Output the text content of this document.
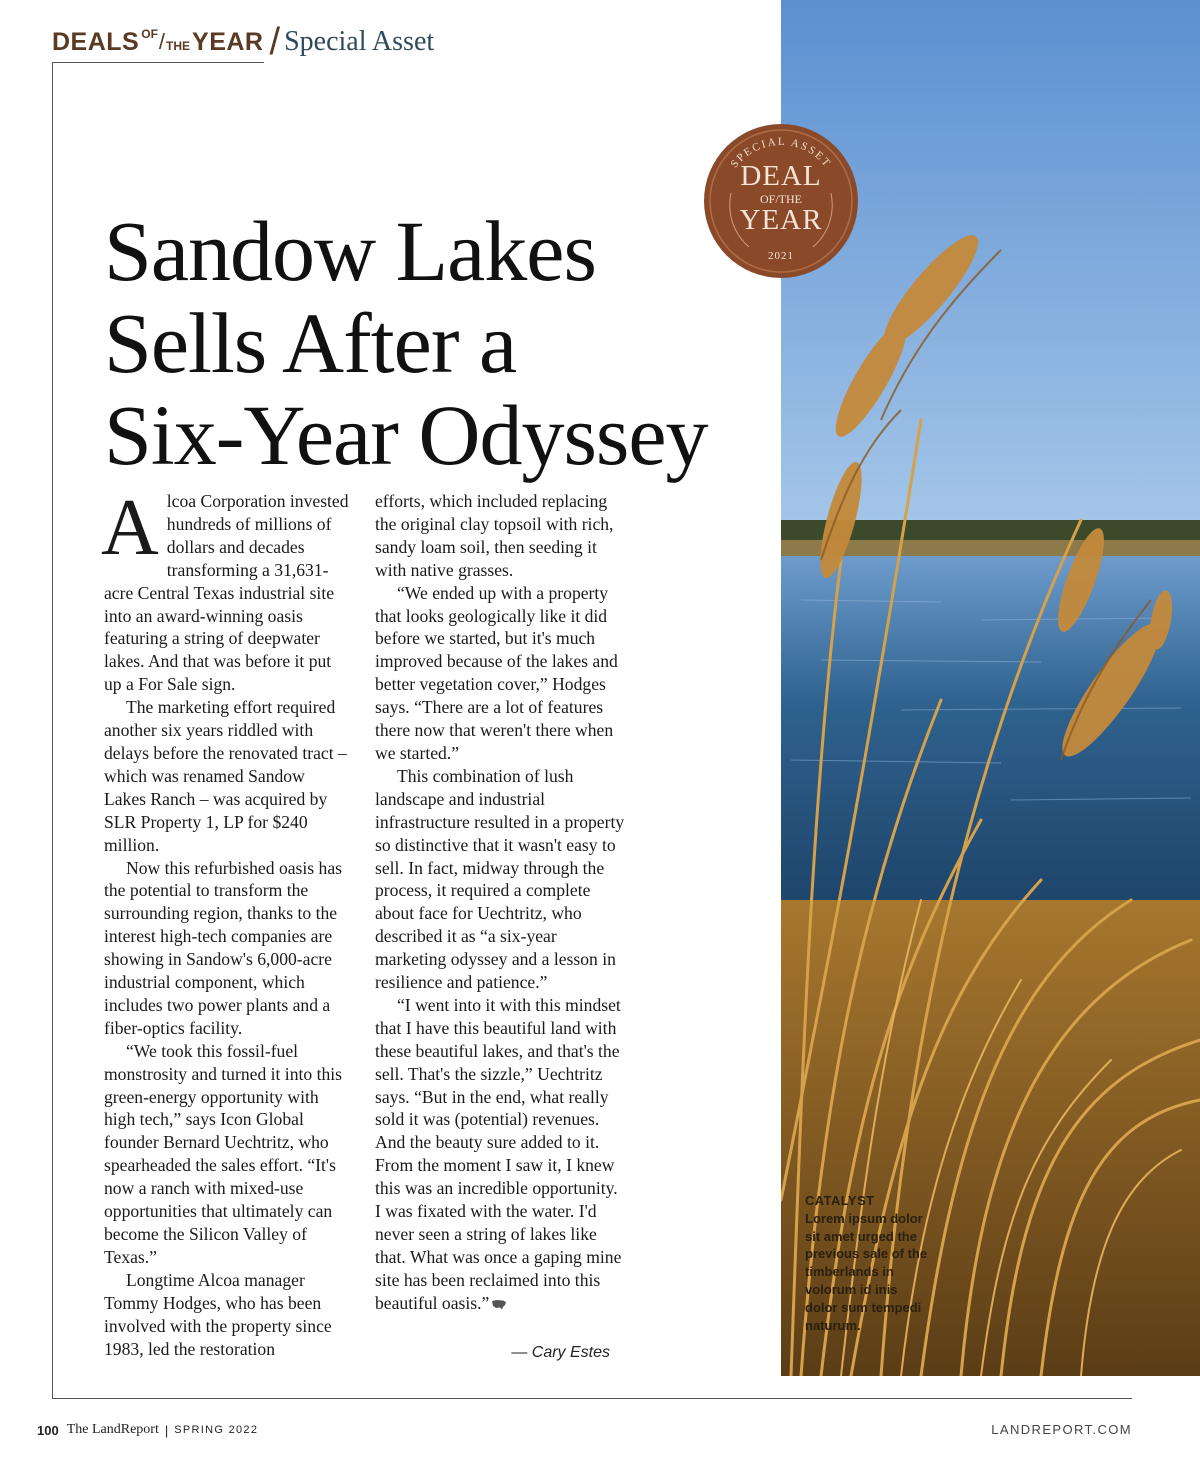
DEALS OF / THE YEAR / Special Asset
SPECIAL ASSET
DEAL
OF/THE
YEAR
2021
Sandow Lakes
Sells After a
Six-Year Odyssey

Alcoa Corporation invested hundreds of millions of dollars and decades transforming a 31,631-acre Central Texas industrial site into an award-winning oasis featuring a string of deepwater lakes. And that was before it put up a For Sale sign.

The marketing effort required another six years riddled with delays before the renovated tract – which was renamed Sandow Lakes Ranch – was acquired by SLR Property 1, LP for $240 million.

Now this refurbished oasis has the potential to transform the surrounding region, thanks to the interest high-tech companies are showing in Sandow's 6,000-acre industrial component, which includes two power plants and a fiber-optics facility.

“We took this fossil-fuel monstrosity and turned it into this green-energy opportunity with high tech,” says Icon Global founder Bernard Uechtritz, who spearheaded the sales effort. “It's now a ranch with mixed-use opportunities that ultimately can become the Silicon Valley of Texas.”

Longtime Alcoa manager Tommy Hodges, who has been involved with the property since 1983, led the restoration

efforts, which included replacing the original clay topsoil with rich, sandy loam soil, then seeding it with native grasses.

“We ended up with a property that looks geologically like it did before we started, but it's much improved because of the lakes and better vegetation cover,” Hodges says. “There are a lot of features there now that weren't there when we started.”

This combination of lush landscape and industrial infrastructure resulted in a property so distinctive that it wasn't easy to sell. In fact, midway through the process, it required a complete about face for Uechtritz, who described it as “a six-year marketing odyssey and a lesson in resilience and patience.”

“I went into it with this mindset that I have this beautiful land with these beautiful lakes, and that's the sell. That's the sizzle,” Uechtritz says. “But in the end, what really sold it was (potential) revenues. And the beauty sure added to it. From the moment I saw it, I knew this was an incredible opportunity. I was fixated with the water. I'd never seen a string of lakes like that. What was once a gaping mine site has been reclaimed into this beautiful oasis.”

— Cary Estes
CATALYST
Lorem ipsum dolor sit amet urged the previous sale of the timberlands in volorum id inis dolor sum tempedi naturum.
100 The LandReport | SPRING 2022	LANDREPORT.COM
